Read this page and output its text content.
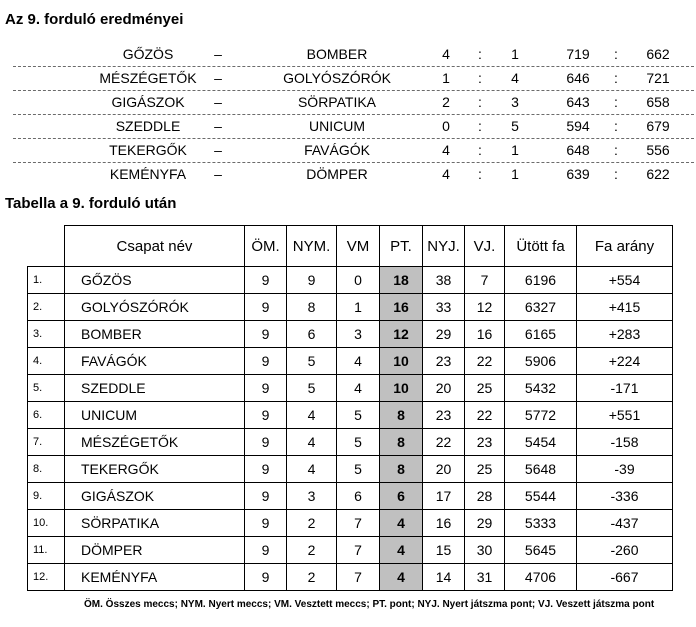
Az 9. forduló eredményei
GŐZÖS	–	BOMBER	4 : 1	719 : 662
MÉSZÉGETŐK	–	GOLYÓSZÓRÓK	1 : 4	646 : 721
GIGÁSZOK	–	SÖRPATIKA	2 : 3	643 : 658
SZEDDLE	–	UNICUM	0 : 5	594 : 679
TEKERGŐK	–	FAVÁGÓK	4 : 1	648 : 556
KEMÉNYFA	–	DÖMPER	4 : 1	639 : 622
Tabella a 9. forduló után
	Csapat név	ÖM.	NYM.	VM	PT.	NYJ.	VJ.	Ütött fa	Fa arány
1.	GŐZÖS	9	9	0	18	38	7	6196	+554
2.	GOLYÓSZÓRÓK	9	8	1	16	33	12	6327	+415
3.	BOMBER	9	6	3	12	29	16	6165	+283
4.	FAVÁGÓK	9	5	4	10	23	22	5906	+224
5.	SZEDDLE	9	5	4	10	20	25	5432	-171
6.	UNICUM	9	4	5	8	23	22	5772	+551
7.	MÉSZÉGETŐK	9	4	5	8	22	23	5454	-158
8.	TEKERGŐK	9	4	5	8	20	25	5648	-39
9.	GIGÁSZOK	9	3	6	6	17	28	5544	-336
10.	SÖRPATIKA	9	2	7	4	16	29	5333	-437
11.	DÖMPER	9	2	7	4	15	30	5645	-260
12.	KEMÉNYFA	9	2	7	4	14	31	4706	-667
ÖM. Összes meccs; NYM. Nyert meccs; VM. Vesztett meccs; PT. pont; NYJ. Nyert játszma pont; VJ. Veszett játszma pont
